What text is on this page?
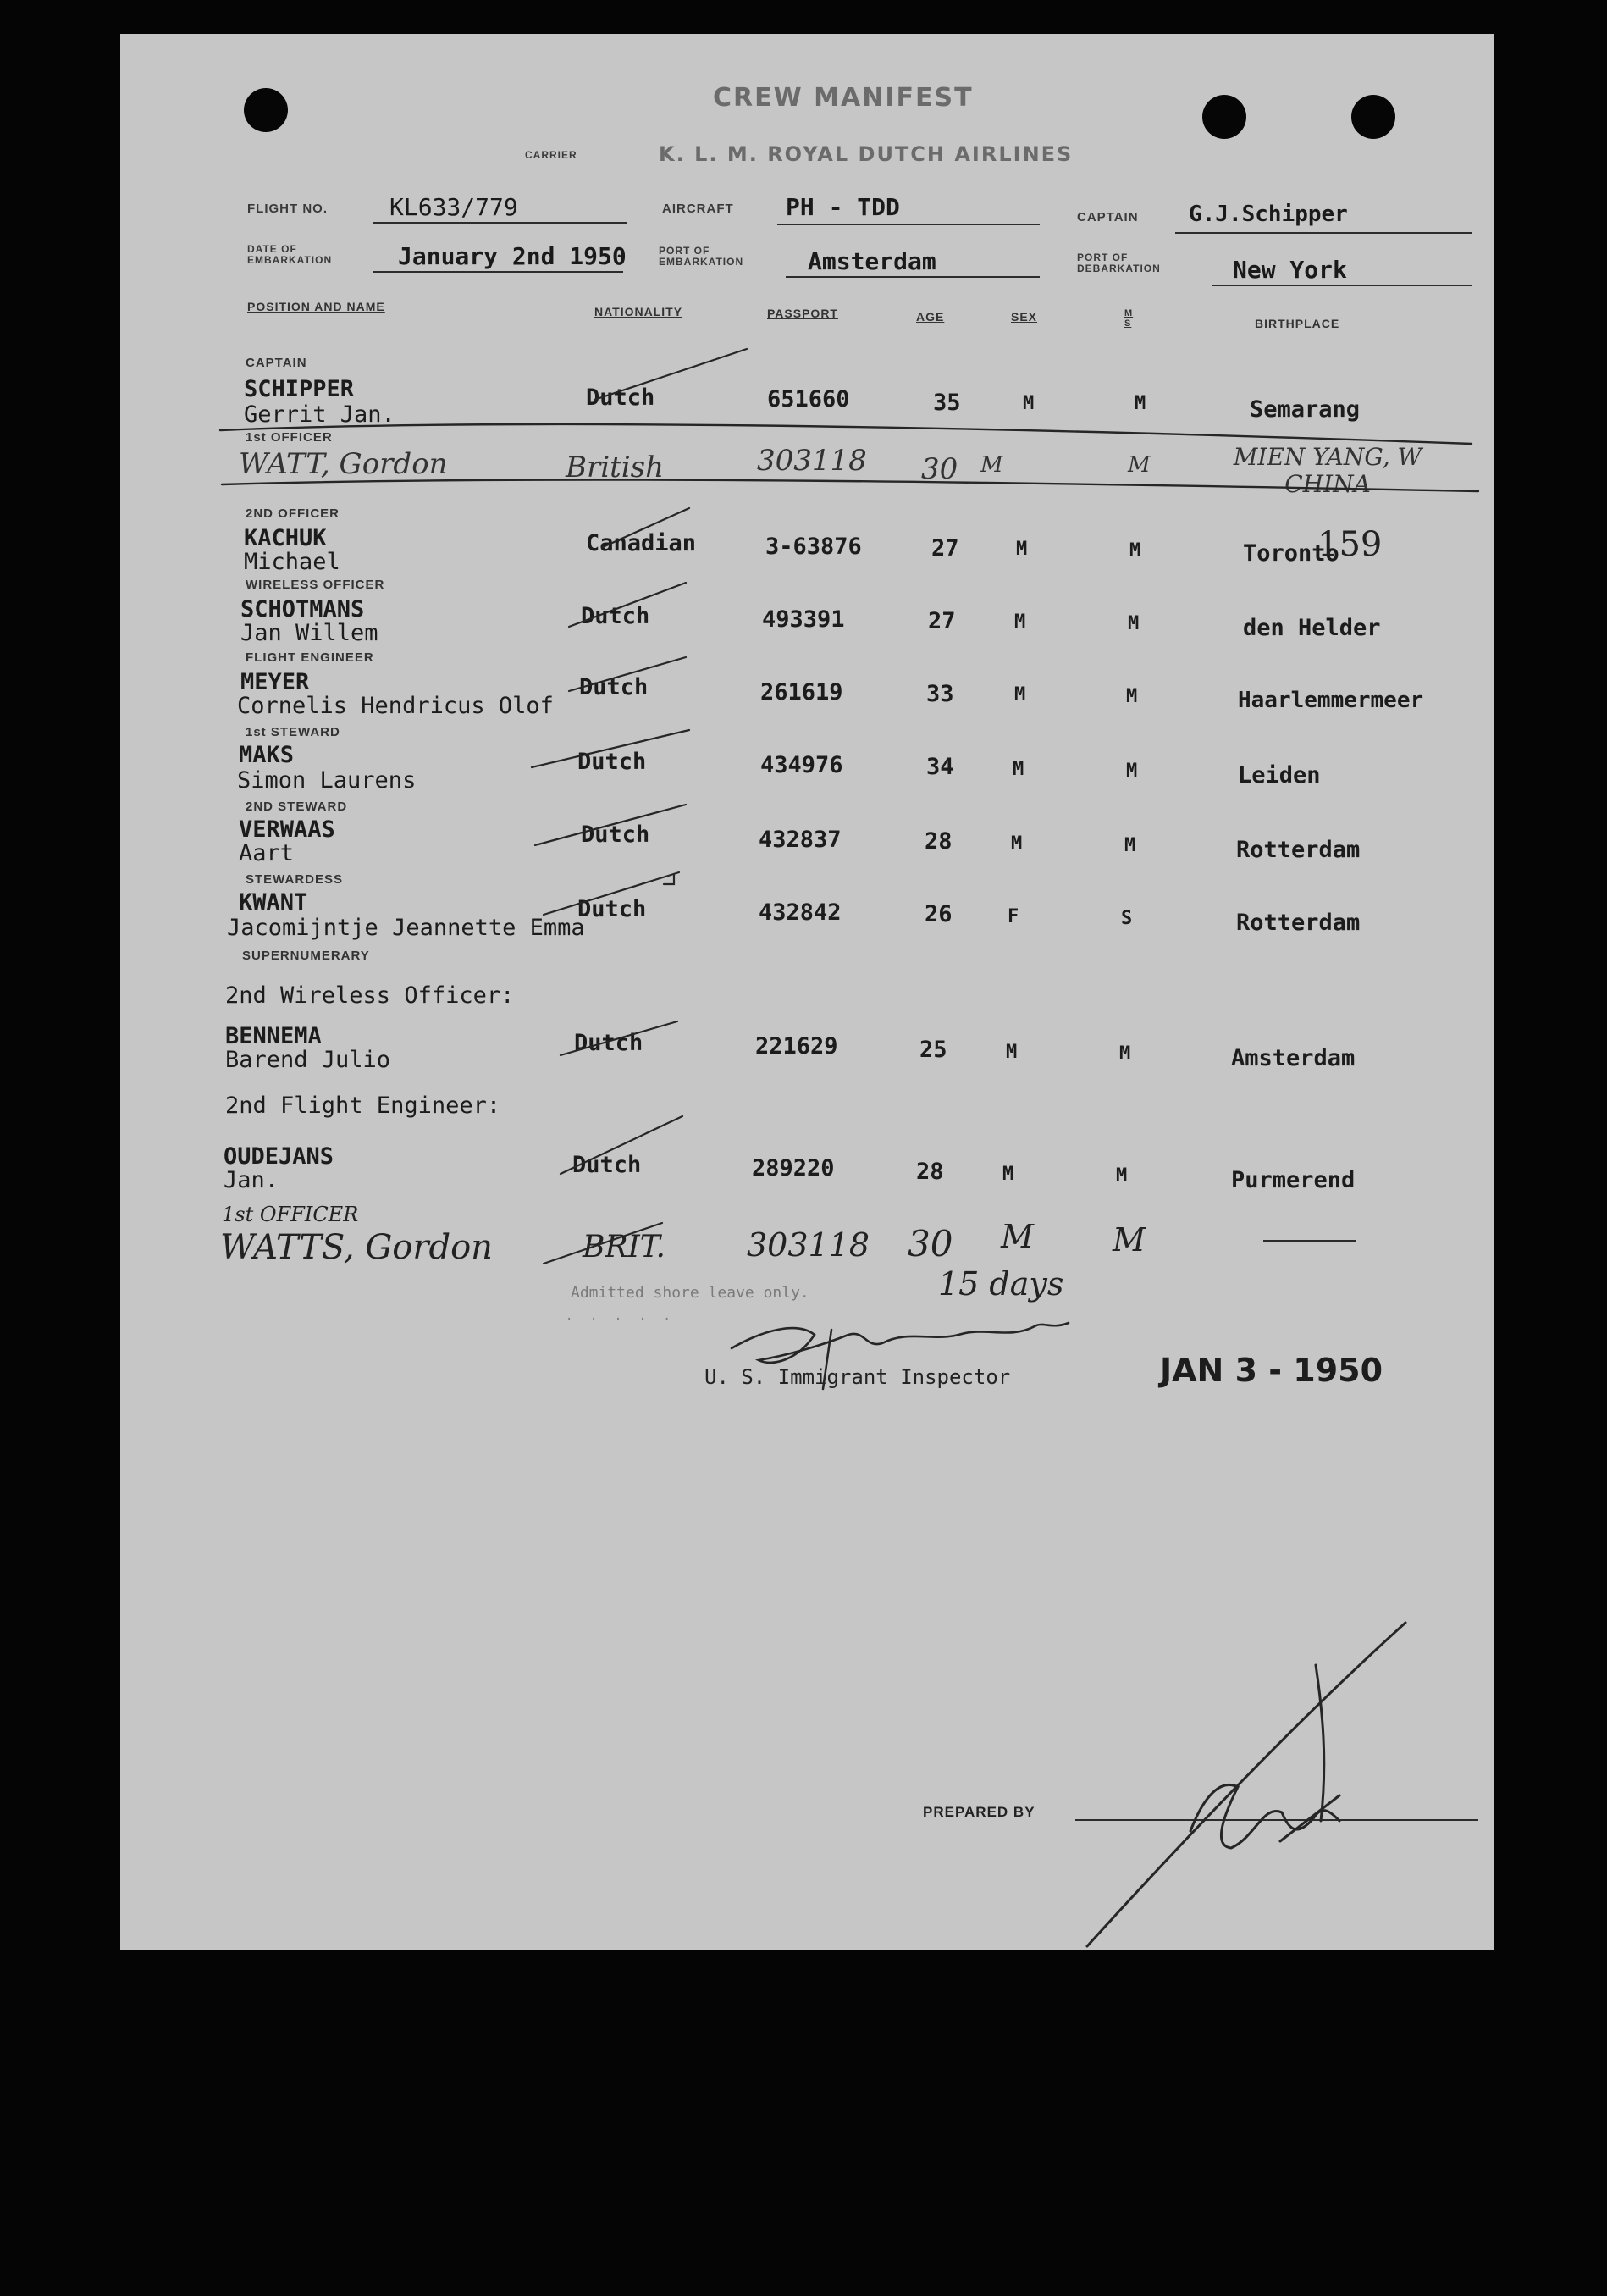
CREW MANIFEST
CARRIER	K. L. M. ROYAL DUTCH AIRLINES
FLIGHT NO.	KL633/779	AIRCRAFT PH - TDD	CAPTAIN G.J.Schipper
DATE OF EMBARKATION	January 2nd 1950	PORT OF EMBARKATION	Amsterdam	PORT OF DEBARKATION	New York
POSITION AND NAME	NATIONALITY	PASSPORT	AGE	SEX	M S	BIRTHPLACE
CAPTAIN
SCHIPPER
Gerrit Jan.
Dutch	651660	35	M	M	Semarang
1st OFFICER
WATT, Gordon	British	303118 30 M	M	MIEN YANG, W CHINA
2ND OFFICER
KACHUK
Michael
Canadian	3-63876	27	M	M	Toronto
WIRELESS OFFICER
SCHOTMANS
Jan Willem
Dutch	493391	27	M	M	den Helder
FLIGHT ENGINEER
MEYER
Cornelis Hendricus Olof
Dutch	261619	33	M	M	Haarlemmermeer
1st STEWARD
MAKS
Simon Laurens
Dutch	434976	34	M	M	Leiden
2ND STEWARD
VERWAAS
Aart
Dutch	432837	28	M	M	Rotterdam
STEWARDESS
KWANT
Jacomijntje Jeannette Emma
Dutch	432842	26	F	S	Rotterdam
SUPERNUMERARY
2nd Wireless Officer:
BENNEMA
Barend Julio
Dutch	221629	25	M	M	Amsterdam
2nd Flight Engineer:
OUDEJANS
Jan.
Dutch	289220	28	M	M	Purmerend
1st OFFICER
WATTS, Gordon	BRIT.	303118 30 M M
Admitted shore leave only.	15 days
· · · · ·
U. S. Immigrant Inspector	JAN 3 - 1950
PREPARED BY
159
